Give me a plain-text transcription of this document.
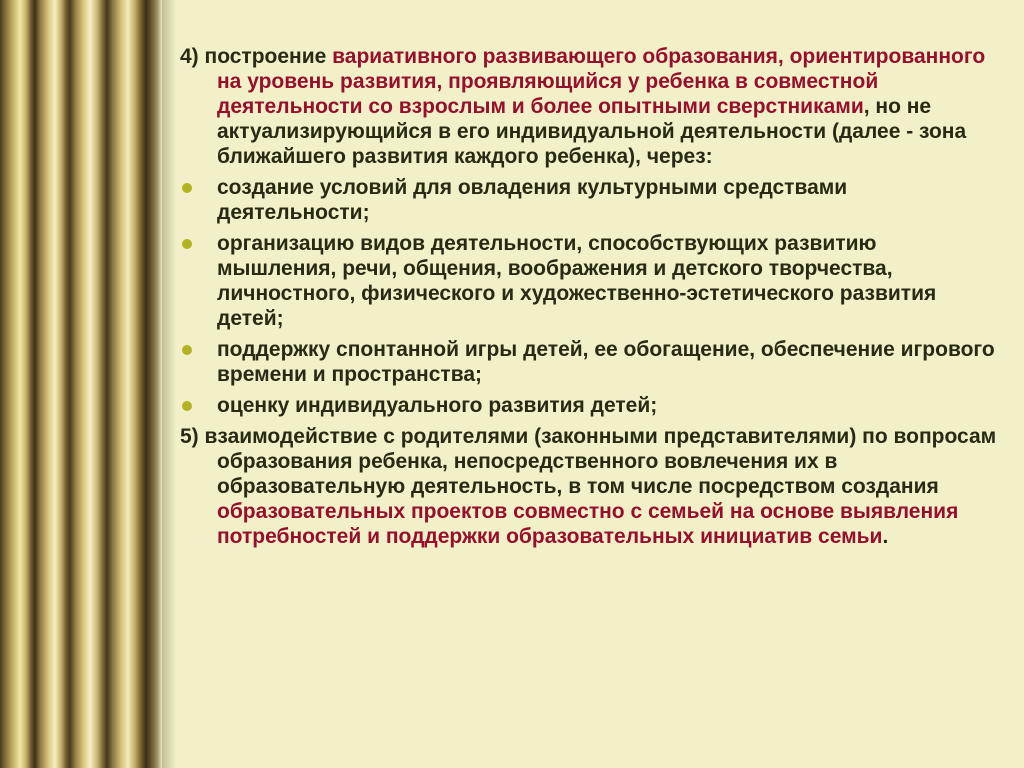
4) построение вариативного развивающего образования, ориентированного на уровень развития, проявляющийся у ребенка в совместной деятельности со взрослым и более опытными сверстниками, но не актуализирующийся в его индивидуальной деятельности (далее - зона ближайшего развития каждого ребенка), через:

создание условий для овладения культурными средствами деятельности;
организацию видов деятельности, способствующих развитию мышления, речи, общения, воображения и детского творчества, личностного, физического и художественно-эстетического развития детей;
поддержку спонтанной игры детей, ее обогащение, обеспечение игрового времени и пространства;
оценку индивидуального развития детей;

5) взаимодействие с родителями (законными представителями) по вопросам образования ребенка, непосредственного вовлечения их в образовательную деятельность, в том числе посредством создания образовательных проектов совместно с семьей на основе выявления потребностей и поддержки образовательных инициатив семьи.
